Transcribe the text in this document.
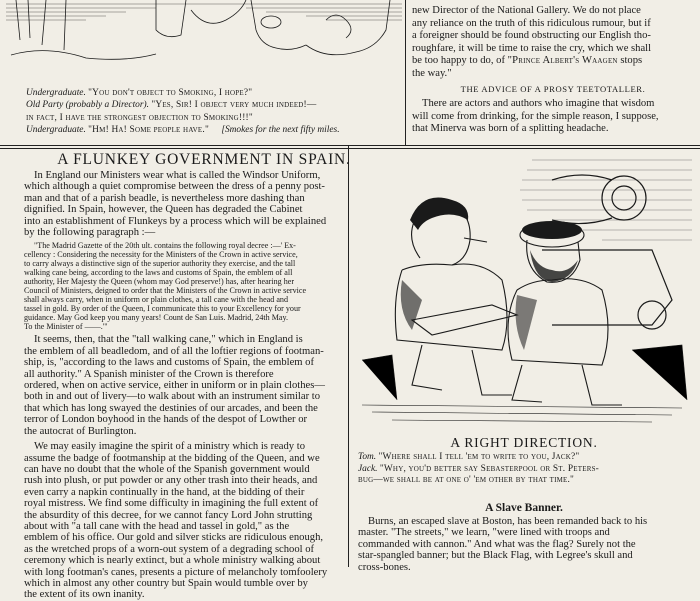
Undergraduate. "You don't object to Smoking, I hope?"
Old Party (probably a Director). "Yes, Sir! I object very much indeed!—
in fact, I have the strongest objection to Smoking!!!"
Undergraduate. "Hm! Ha! Some people have." [Smokes for the next fifty miles.
new Director of the National Gallery. We do not place
any reliance on the truth of this ridiculous rumour, but if
a foreigner should be found obstructing our English tho-
roughfare, it will be time to raise the cry, which we shall
be too happy to do, of "Prince Albert's Waagen stops
the way."
THE ADVICE OF A PROSY TEETOTALLER.
There are actors and authors who imagine that wisdom
will come from drinking, for the simple reason, I suppose,
that Minerva was born of a splitting headache.
A FLUNKEY GOVERNMENT IN SPAIN.
In England our Ministers wear what is called the Windsor Uniform,
which although a quiet compromise between the dress of a penny post-
man and that of a parish beadle, is nevertheless more dashing than
dignified. In Spain, however, the Queen has degraded the Cabinet
into an establishment of Flunkeys by a process which will be explained
by the following paragraph :—
"The Madrid Gazette of the 20th ult. contains the following royal decree :—' Ex-
cellency : Considering the necessity for the Ministers of the Crown in active service,
to carry always a distinctive sign of the superior authority they exercise, and the tall
walking cane being, according to the laws and customs of Spain, the emblem of all
authority, Her Majesty the Queen (whom may God preserve!) has, after hearing her
Council of Ministers, deigned to order that the Ministers of the Crown in active service
shall always carry, when in uniform or plain clothes, a tall cane with the head and
tassel in gold. By order of the Queen, I communicate this to your Excellency for your
guidance. May God keep you many years! Count de San Luis. Madrid, 24th May.
To the Minister of ——.'"
It seems, then, that the "tall walking cane," which in England is
the emblem of all beadledom, and of all the loftier regions of footman-
ship, is, "according to the laws and customs of Spain, the emblem of
all authority." A Spanish minister of the Crown is therefore
ordered, when on active service, either in uniform or in plain clothes—
both in and out of livery—to walk about with an instrument similar to
that which has long swayed the destinies of our arcades, and been the
terror of London boyhood in the hands of the despot of Lowther or
the autocrat of Burlington.
We may easily imagine the spirit of a ministry which is ready to
assume the badge of footmanship at the bidding of the Queen, and we
can have no doubt that the whole of the Spanish government would
rush into plush, or put powder or any other trash into their heads, and
even carry a napkin continually in the hand, at the bidding of their
royal mistress. We find some difficulty in imagining the full extent of
the absurdity of this decree, for we cannot fancy Lord John strutting
about with "a tall cane with the head and tassel in gold," as the
emblem of his office. Our gold and silver sticks are ridiculous enough,
as the wretched props of a worn-out system of a degrading school of
ceremony which is nearly extinct, but a whole ministry walking about
with long footman's canes, presents a picture of melancholy tomfoolery
which in almost any other country but Spain would tumble over by
the extent of its own inanity.
A RIGHT DIRECTION.
Tom. "Where shall I tell 'em to write to you, Jack?"
Jack. "Why, you'd better say Sebasterpool or St. Peters-
bug—we shall be at one o' 'em other by that time."
A Slave Banner.
Burns, an escaped slave at Boston, has been remanded back to his
master. "The streets," we learn, "were lined with troops and
commanded with cannon." And what was the flag? Surely not the
star-spangled banner; but the Black Flag, with Legree's skull and
cross-bones.
